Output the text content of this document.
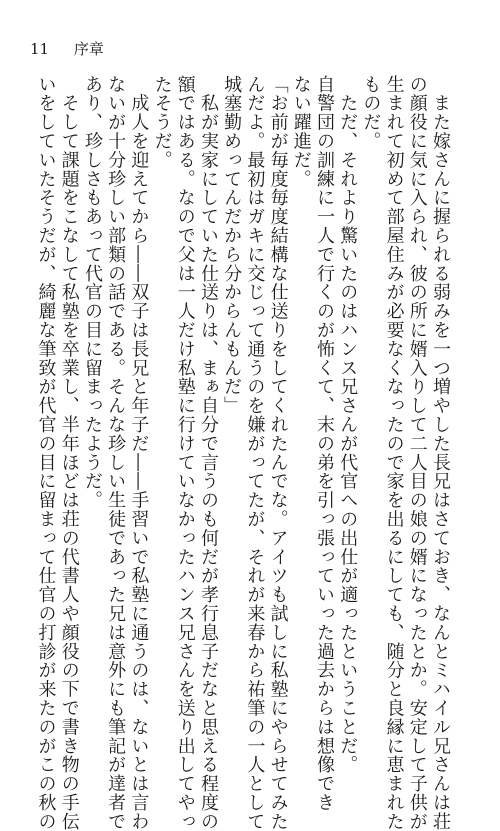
11 序章
　また嫁さんに握られる弱みを一つ増やした長兄はさておき、なんとミハイル兄さんは荘
の顔役に気に入られ、彼の所に婿入りして二人目の娘の婿になったとか。安定して子供が
生まれて初めて部屋住みが必要なくなったので家を出るにしても、随分と良縁に恵まれた
ものだ。
　ただ、それより驚いたのはハンス兄さんが代官への出仕が適ったということだ。
自警団の訓練に一人で行くのが怖くて、末の弟を引っ張っていった過去からは想像でき
ない躍進だ。
「お前が毎度毎度結構な仕送りをしてくれたんでな。アイツも試しに私塾にやらせてみた
んだよ。最初はガキに交じって通うのを嫌がってたが、それが来春から祐筆の一人として
城塞勤めってんだから分からんもんだ」
　私が実家にしていた仕送りは、まぁ自分で言うのも何だが孝行息子だなと思える程度の
額ではある。なので父は一人だけ私塾に行けていなかったハンス兄さんを送り出してやっ
たそうだ。
　成人を迎えてから――双子は長兄と年子だ――手習いで私塾に通うのは、ないとは言わ
ないが十分珍しい部類の話である。そんな珍しい生徒であった兄は意外にも筆記が達者で
あり、珍しさもあって代官の目に留まったようだ。
　そして課題をこなして私塾を卒業し、半年ほどは荘の代書人や顔役の下で書き物の手伝
いをしていたそうだが、綺麗な筆致が代官の目に留まって仕官の打診が来たのがこの秋の
